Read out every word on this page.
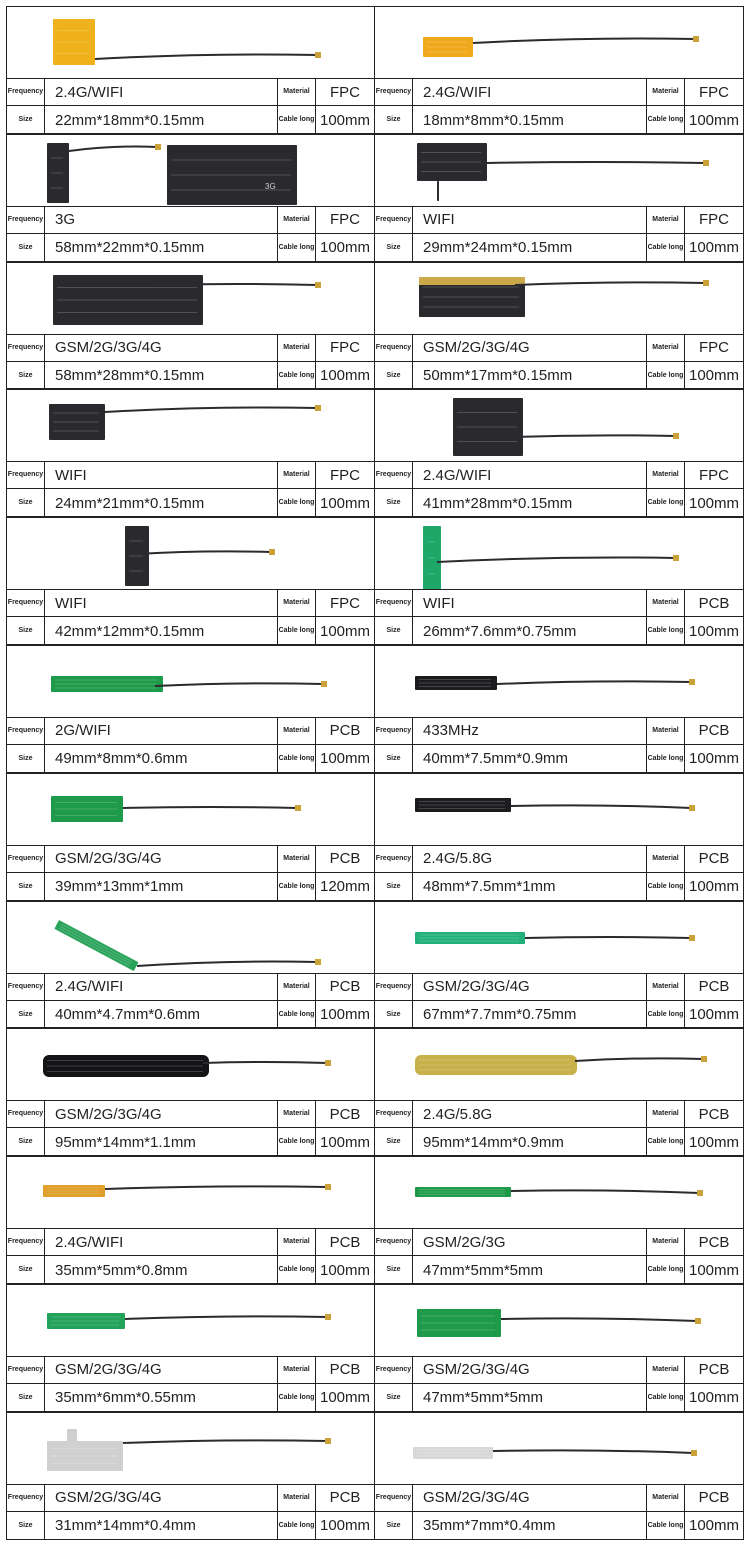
Frequency 2.4G/WIFI	Material	FPC
Size	22mm*18mm*0.15mm	Cable long 100mm
Frequency 2.4G/WIFI	Material	FPC
Size	18mm*8mm*0.15mm	Cable long 100mm
3G
Frequency 3G	Material	FPC
Size	58mm*22mm*0.15mm	Cable long 100mm
Frequency WIFI	Material	FPC
Size	29mm*24mm*0.15mm	Cable long 100mm
Frequency GSM/2G/3G/4G	Material	FPC
Size	58mm*28mm*0.15mm	Cable long 100mm
Frequency GSM/2G/3G/4G	Material	FPC
Size	50mm*17mm*0.15mm	Cable long 100mm
Frequency WIFI	Material	FPC
Size	24mm*21mm*0.15mm	Cable long 100mm
Frequency 2.4G/WIFI	Material	FPC
Size	41mm*28mm*0.15mm	Cable long 100mm
Frequency WIFI	Material	FPC
Size	42mm*12mm*0.15mm	Cable long 100mm
Frequency WIFI	Material	PCB
Size	26mm*7.6mm*0.75mm	Cable long 100mm
Frequency 2G/WIFI	Material	PCB
Size	49mm*8mm*0.6mm	Cable long 100mm
Frequency 433MHz	Material	PCB
Size	40mm*7.5mm*0.9mm	Cable long 100mm
Frequency GSM/2G/3G/4G	Material	PCB
Size	39mm*13mm*1mm	Cable long 120mm
Frequency 2.4G/5.8G	Material	PCB
Size	48mm*7.5mm*1mm	Cable long 100mm
Frequency 2.4G/WIFI	Material	PCB
Size	40mm*4.7mm*0.6mm	Cable long 100mm
Frequency GSM/2G/3G/4G	Material	PCB
Size	67mm*7.7mm*0.75mm	Cable long 100mm
Frequency GSM/2G/3G/4G	Material	PCB
Size	95mm*14mm*1.1mm	Cable long 100mm
Frequency 2.4G/5.8G	Material	PCB
Size	95mm*14mm*0.9mm	Cable long 100mm
Frequency 2.4G/WIFI	Material	PCB
Size	35mm*5mm*0.8mm	Cable long 100mm
Frequency GSM/2G/3G	Material	PCB
Size	47mm*5mm*5mm	Cable long 100mm
Frequency GSM/2G/3G/4G	Material	PCB
Size	35mm*6mm*0.55mm	Cable long 100mm
Frequency GSM/2G/3G/4G	Material	PCB
Size	47mm*5mm*5mm	Cable long 100mm
Frequency GSM/2G/3G/4G	Material	PCB
Size	31mm*14mm*0.4mm	Cable long 100mm
Frequency GSM/2G/3G/4G	Material	PCB
Size	35mm*7mm*0.4mm	Cable long 100mm
